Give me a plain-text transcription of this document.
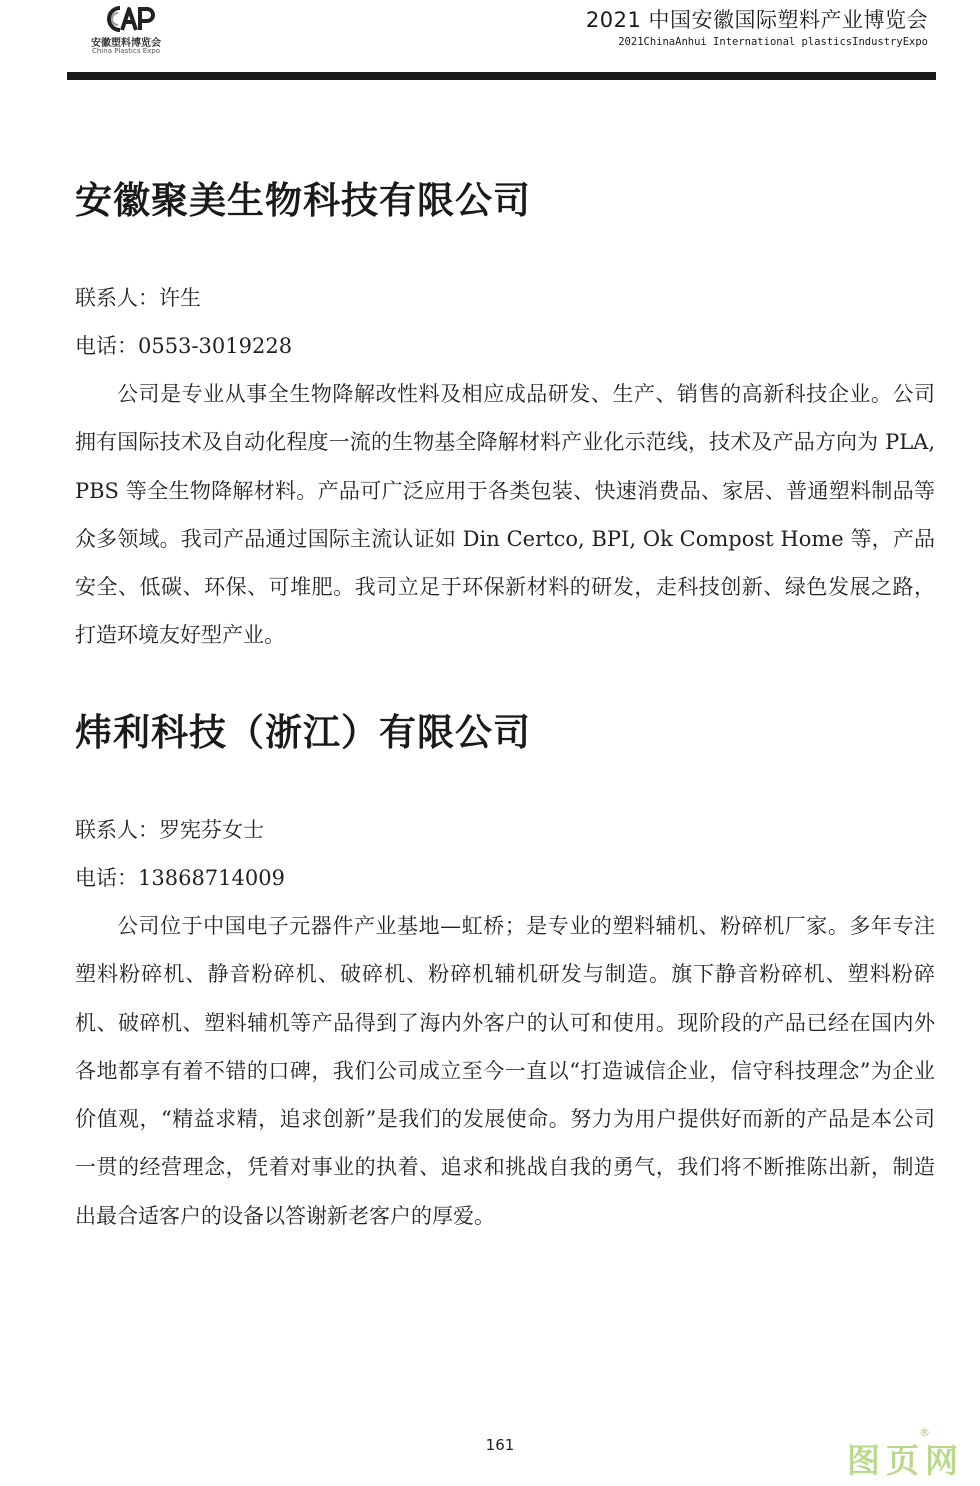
安徽塑料博览会
China Plastics Expo
2021 中国安徽国际塑料产业博览会
2021ChinaAnhui International plasticsIndustryExpo
安徽聚美生物科技有限公司
联系人：许生
电话：0553-3019228

公司是专业从事全生物降解改性料及相应成品研发、生产、销售的高新科技企业。公司拥有国际技术及自动化程度一流的生物基全降解材料产业化示范线，技术及产品方向为 PLA, PBS 等全生物降解材料。产品可广泛应用于各类包装、快速消费品、家居、普通塑料制品等众多领域。我司产品通过国际主流认证如 Din Certco, BPI, Ok Compost Home 等，产品安全、低碳、环保、可堆肥。我司立足于环保新材料的研发，走科技创新、绿色发展之路，打造环境友好型产业。

炜利科技（浙江）有限公司
联系人：罗宪芬女士
电话：13868714009

公司位于中国电子元器件产业基地—虹桥；是专业的塑料辅机、粉碎机厂家。多年专注塑料粉碎机、静音粉碎机、破碎机、粉碎机辅机研发与制造。旗下静音粉碎机、塑料粉碎机、破碎机、塑料辅机等产品得到了海内外客户的认可和使用。现阶段的产品已经在国内外各地都享有着不错的口碑，我们公司成立至今一直以“打造诚信企业，信守科技理念”为企业价值观，“精益求精，追求创新”是我们的发展使命。努力为用户提供好而新的产品是本公司一贯的经营理念，凭着对事业的执着、追求和挑战自我的勇气，我们将不断推陈出新，制造出最合适客户的设备以答谢新老客户的厚爱。

161	图页网
®
